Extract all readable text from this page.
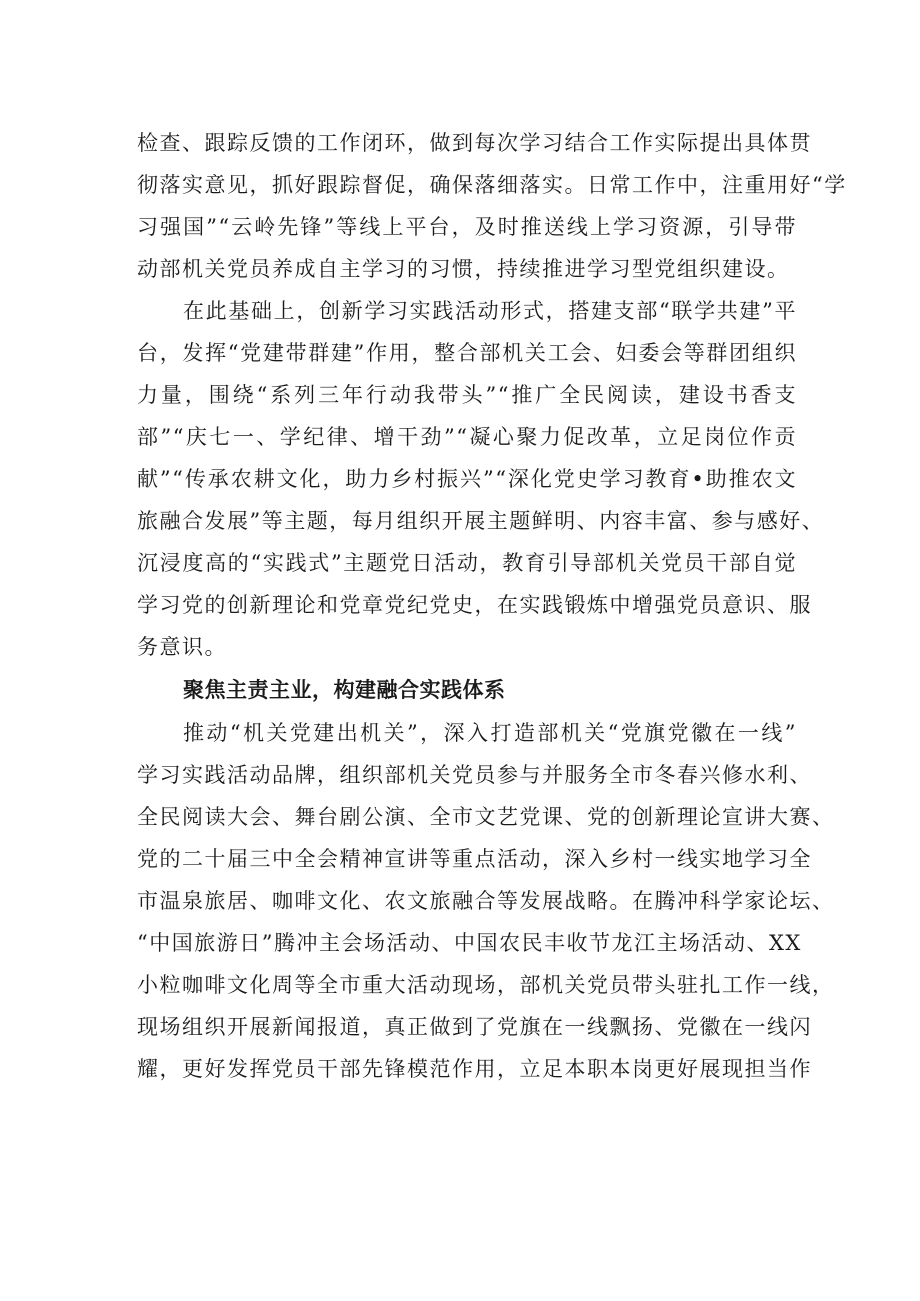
检查、跟踪反馈的工作闭环，做到每次学习结合工作实际提出具体贯
彻落实意见，抓好跟踪督促，确保落细落实。日常工作中，注重用好“学
习强国”“云岭先锋”等线上平台，及时推送线上学习资源，引导带
动部机关党员养成自主学习的习惯，持续推进学习型党组织建设。
在此基础上，创新学习实践活动形式，搭建支部“联学共建”平
台，发挥“党建带群建”作用，整合部机关工会、妇委会等群团组织
力量，围绕“系列三年行动我带头”“推广全民阅读，建设书香支
部”“庆七一、学纪律、增干劲”“凝心聚力促改革，立足岗位作贡
献”“传承农耕文化，助力乡村振兴”“深化党史学习教育•助推农文
旅融合发展”等主题，每月组织开展主题鲜明、内容丰富、参与感好、
沉浸度高的“实践式”主题党日活动，教育引导部机关党员干部自觉
学习党的创新理论和党章党纪党史，在实践锻炼中增强党员意识、服
务意识。
聚焦主责主业，构建融合实践体系
推动“机关党建出机关”，深入打造部机关“党旗党徽在一线”
学习实践活动品牌，组织部机关党员参与并服务全市冬春兴修水利、
全民阅读大会、舞台剧公演、全市文艺党课、党的创新理论宣讲大赛、
党的二十届三中全会精神宣讲等重点活动，深入乡村一线实地学习全
市温泉旅居、咖啡文化、农文旅融合等发展战略。在腾冲科学家论坛、
“中国旅游日”腾冲主会场活动、中国农民丰收节龙江主场活动、XX
小粒咖啡文化周等全市重大活动现场，部机关党员带头驻扎工作一线，
现场组织开展新闻报道，真正做到了党旗在一线飘扬、党徽在一线闪
耀，更好发挥党员干部先锋模范作用，立足本职本岗更好展现担当作
